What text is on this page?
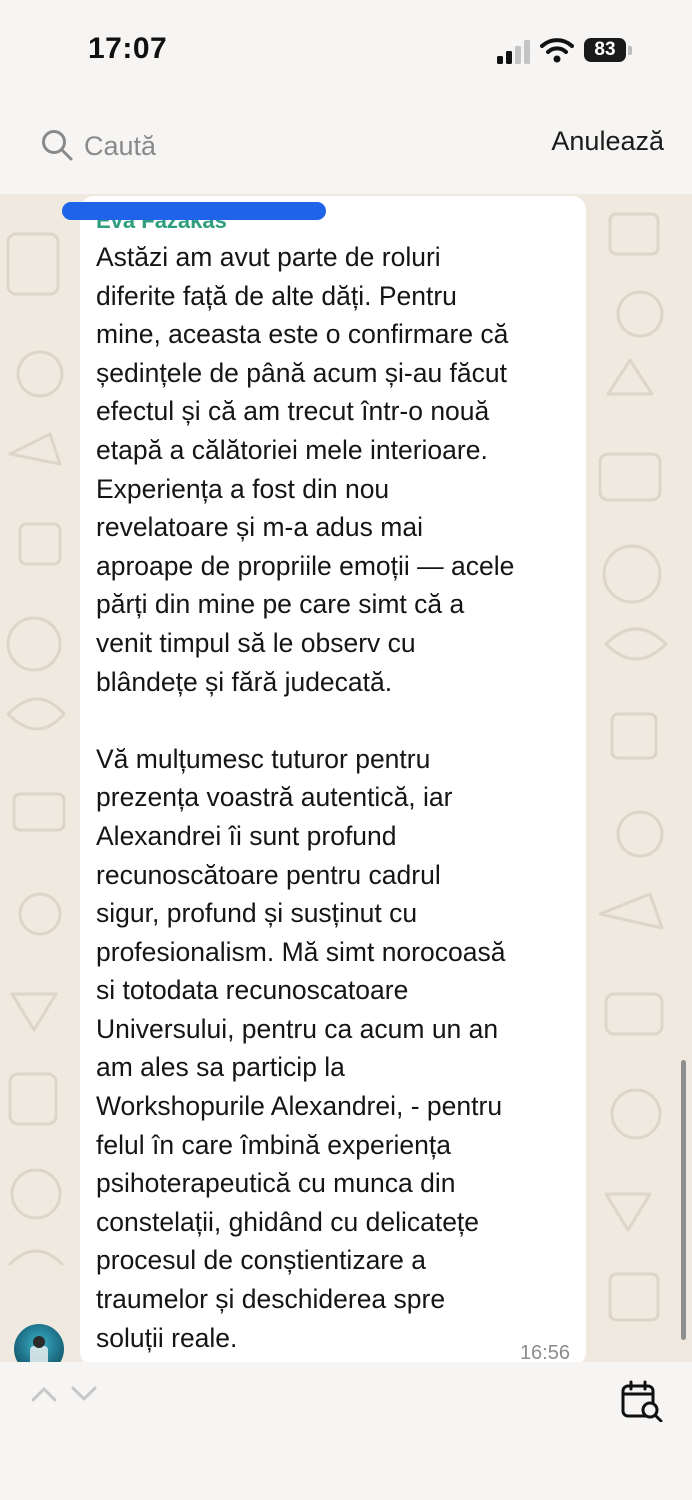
17:07	83
Caută
Anulează

Astăzi am avut parte de roluri
diferite față de alte dăți. Pentru
mine, aceasta este o confirmare că
ședințele de până acum și-au făcut
efectul și că am trecut într-o nouă
etapă a călătoriei mele interioare.
Experiența a fost din nou
revelatoare și m-a adus mai
aproape de propriile emoții — acele
părți din mine pe care simt că a
venit timpul să le observ cu
blândețe și fără judecată.

Vă mulțumesc tuturor pentru
prezența voastră autentică, iar
Alexandrei îi sunt profund
recunoscătoare pentru cadrul
sigur, profund și susținut cu
profesionalism. Mă simt norocoasă
si totodata recunoscatoare
Universului, pentru ca acum un an
am ales sa particip la
Workshopurile Alexandrei, - pentru
felul în care îmbină experiența
psihoterapeutică cu munca din
constelații, ghidând cu delicatețe
procesul de conștientizare a
traumelor și deschiderea spre
soluții reale.

16:56
